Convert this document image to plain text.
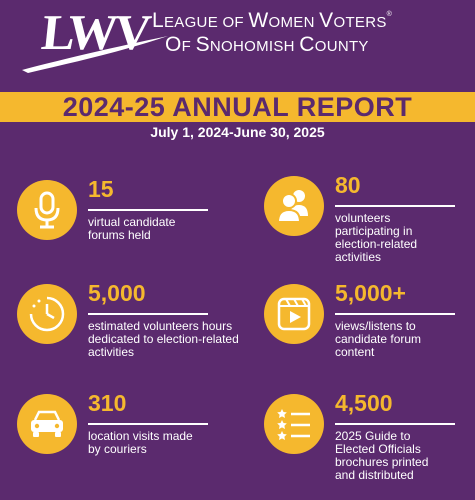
LWV LEAGUE OF WOMEN VOTERS®
OF SNOHOMISH COUNTY
2024-25 ANNUAL REPORT
July 1, 2024-June 30, 2025
15
virtual candidate forums held
80
volunteers participating in election-related activities
5,000
estimated volunteers hours dedicated to election-related activities
5,000+
views/listens to candidate forum content
310
location visits made by couriers
4,500
2025 Guide to Elected Officials brochures printed and distributed
